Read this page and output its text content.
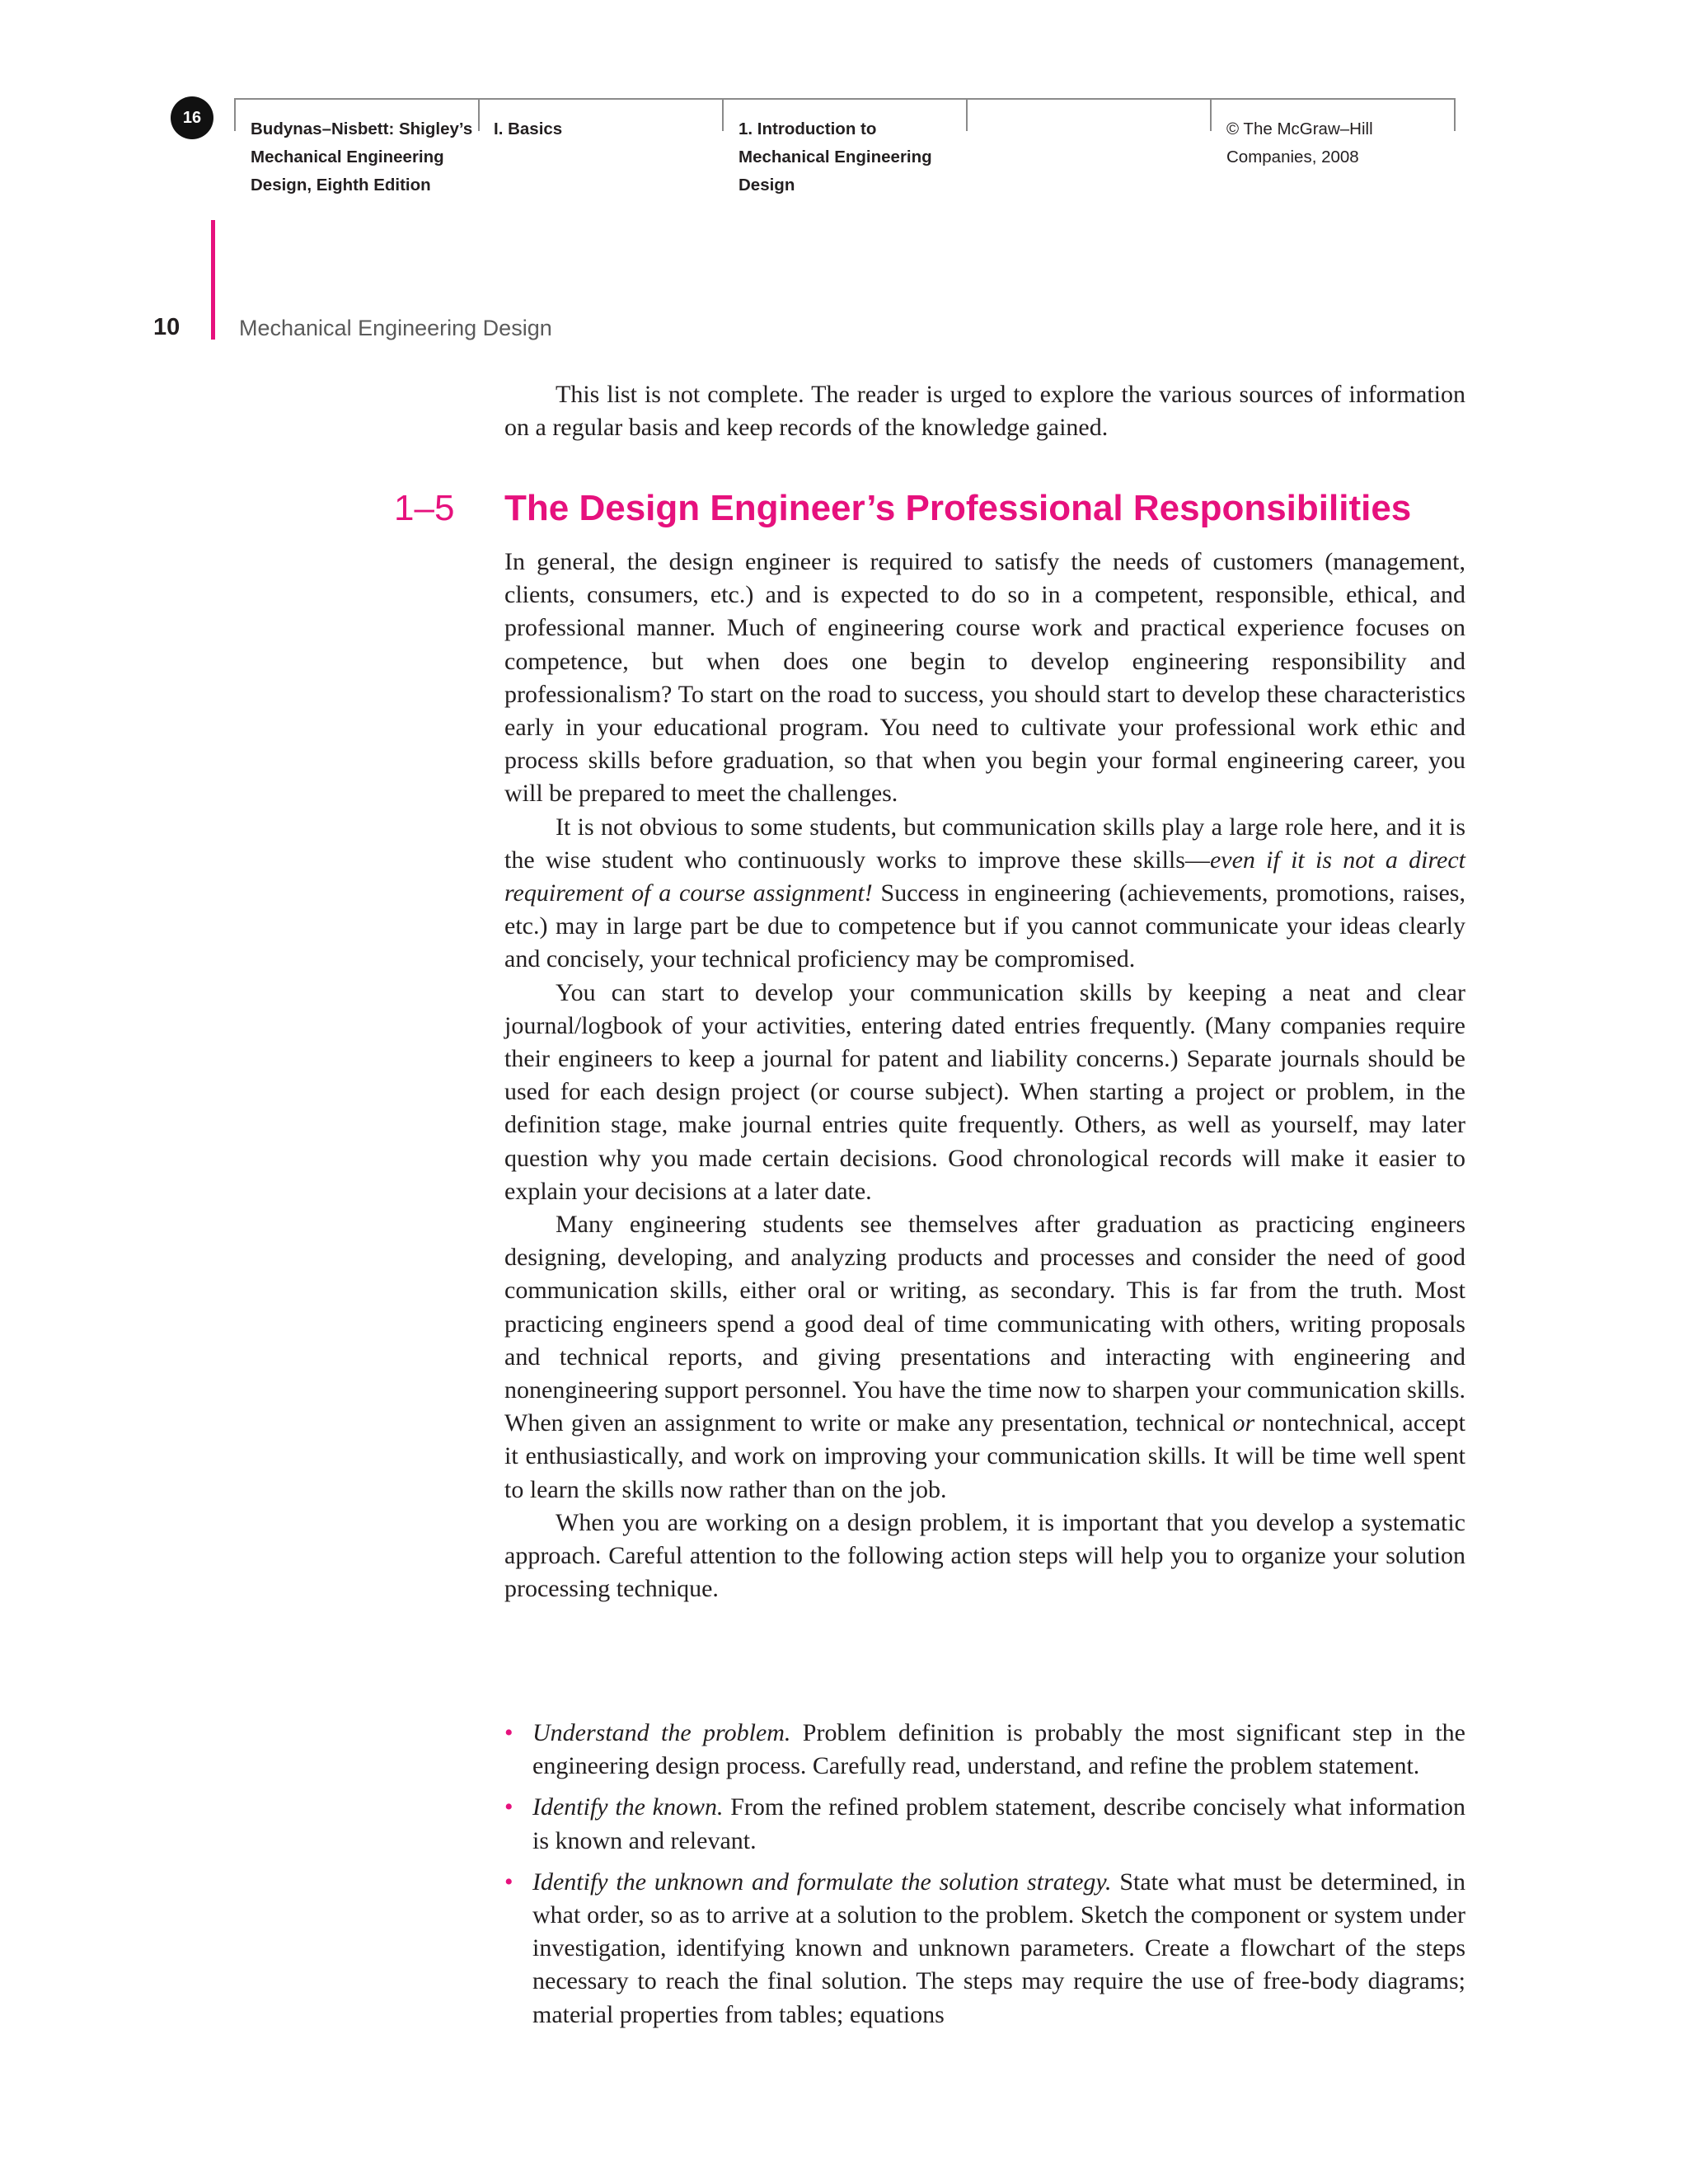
16
Budynas–Nisbett: Shigley’s
Mechanical Engineering
Design, Eighth Edition
I. Basics	1. Introduction to
Mechanical Engineering
Design
© The McGraw–Hill
Companies, 2008
10	Mechanical Engineering Design

This list is not complete. The reader is urged to explore the various sources of information on a regular basis and keep records of the knowledge gained.

1–5 The Design Engineer’s Professional Responsibilities

In general, the design engineer is required to satisfy the needs of customers (management, clients, consumers, etc.) and is expected to do so in a competent, responsible, ethical, and professional manner. Much of engineering course work and practical experience focuses on competence, but when does one begin to develop engineering responsibility and professionalism? To start on the road to success, you should start to develop these characteristics early in your educational program. You need to cultivate your professional work ethic and process skills before graduation, so that when you begin your formal engineering career, you will be prepared to meet the challenges.

It is not obvious to some students, but communication skills play a large role here, and it is the wise student who continuously works to improve these skills—even if it is not a direct requirement of a course assignment! Success in engineering (achievements, promotions, raises, etc.) may in large part be due to competence but if you cannot communicate your ideas clearly and concisely, your technical proficiency may be compromised.

You can start to develop your communication skills by keeping a neat and clear journal/logbook of your activities, entering dated entries frequently. (Many companies require their engineers to keep a journal for patent and liability concerns.) Separate journals should be used for each design project (or course subject). When starting a project or problem, in the definition stage, make journal entries quite frequently. Others, as well as yourself, may later question why you made certain decisions. Good chronological records will make it easier to explain your decisions at a later date.

Many engineering students see themselves after graduation as practicing engineers designing, developing, and analyzing products and processes and consider the need of good communication skills, either oral or writing, as secondary. This is far from the truth. Most practicing engineers spend a good deal of time communicating with others, writing proposals and technical reports, and giving presentations and interacting with engineering and nonengineering support personnel. You have the time now to sharpen your communication skills. When given an assignment to write or make any presentation, technical or nontechnical, accept it enthusiastically, and work on improving your communication skills. It will be time well spent to learn the skills now rather than on the job.

When you are working on a design problem, it is important that you develop a systematic approach. Careful attention to the following action steps will help you to organize your solution processing technique.

• Understand the problem. Problem definition is probably the most significant step in the engineering design process. Carefully read, understand, and refine the problem statement.
• Identify the known. From the refined problem statement, describe concisely what information is known and relevant.
• Identify the unknown and formulate the solution strategy. State what must be determined, in what order, so as to arrive at a solution to the problem. Sketch the component or system under investigation, identifying known and unknown parameters. Create a flowchart of the steps necessary to reach the final solution. The steps may require the use of free-body diagrams; material properties from tables; equations
